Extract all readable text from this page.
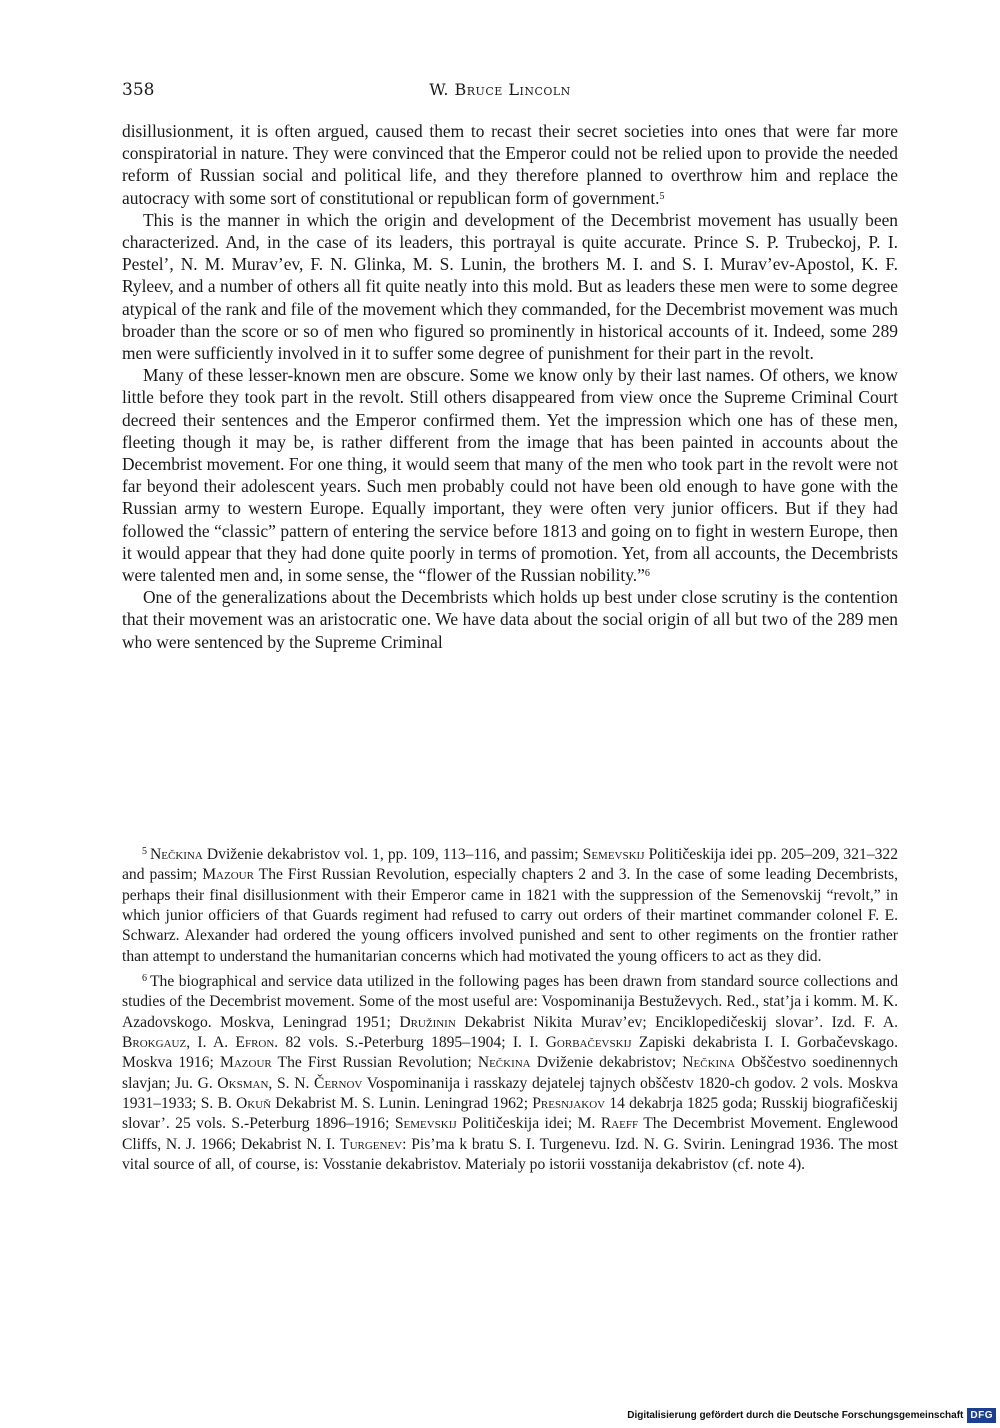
358	W. Bruce Lincoln

disillusionment, it is often argued, caused them to recast their secret societies into ones that were far more conspiratorial in nature. They were convinced that the Emperor could not be relied upon to provide the needed reform of Russian social and political life, and they therefore planned to overthrow him and replace the autocracy with some sort of constitutional or republican form of government.$^5$

This is the manner in which the origin and development of the Decembrist movement has usually been characterized. And, in the case of its leaders, this portrayal is quite accurate. Prince S. P. Trubeckoj, P. I. Pestel’, N. M. Murav’ev, F. N. Glinka, M. S. Lunin, the brothers M. I. and S. I. Murav’ev-Apostol, K. F. Ryleev, and a number of others all fit quite neatly into this mold. But as leaders these men were to some degree atypical of the rank and file of the movement which they commanded, for the Decembrist movement was much broader than the score or so of men who figured so prominently in historical accounts of it. Indeed, some 289 men were sufficiently involved in it to suffer some degree of punishment for their part in the revolt.

Many of these lesser-known men are obscure. Some we know only by their last names. Of others, we know little before they took part in the revolt. Still others disappeared from view once the Supreme Criminal Court decreed their sentences and the Emperor confirmed them. Yet the impression which one has of these men, fleeting though it may be, is rather different from the image that has been painted in accounts about the Decembrist movement. For one thing, it would seem that many of the men who took part in the revolt were not far beyond their adolescent years. Such men probably could not have been old enough to have gone with the Russian army to western Europe. Equally important, they were often very junior officers. But if they had followed the “classic” pattern of entering the service before 1813 and going on to fight in western Europe, then it would appear that they had done quite poorly in terms of promotion. Yet, from all accounts, the Decembrists were talented men and, in some sense, the “flower of the Russian nobility.”$^6$

One of the generalizations about the Decembrists which holds up best under close scrutiny is the contention that their movement was an aristocratic one. We have data about the social origin of all but two of the 289 men who were sentenced by the Supreme Criminal

$^5$ Nečkina Dviženie dekabristov vol. 1, pp. 109, 113–116, and passim; Semevskij Političeskija idei pp. 205–209, 321–322 and passim; Mazour The First Russian Revolution, especially chapters 2 and 3. In the case of some leading Decembrists, perhaps their final disillusionment with their Emperor came in 1821 with the suppression of the Semenovskij “revolt,” in which junior officiers of that Guards regiment had refused to carry out orders of their martinet commander colonel F. E. Schwarz. Alexander had ordered the young officers involved punished and sent to other regiments on the frontier rather than attempt to understand the humanitarian concerns which had motivated the young officers to act as they did.

$^6$ The biographical and service data utilized in the following pages has been drawn from standard source collections and studies of the Decembrist movement. Some of the most useful are: Vospominanija Bestuževych. Red., stat’ja i komm. M. K. Azadovskogo. Moskva, Leningrad 1951; Družinin Dekabrist Nikita Murav’ev; Enciklopedičeskij slovar’. Izd. F. A. Brokgauz, I. A. Efron. 82 vols. S.-Peterburg 1895–1904; I. I. Gorbačevskij Zapiski dekabrista I. I. Gorbačevskago. Moskva 1916; Mazour The First Russian Revolution; Nečkina Dviženie dekabristov; Nečkina Obščestvo soedinennych slavjan; Ju. G. Oksman, S. N. Černov Vospominanija i rasskazy dejatelej tajnych obščestv 1820-ch godov. 2 vols. Moskva 1931–1933; S. B. Okuň Dekabrist M. S. Lunin. Leningrad 1962; Presnjakov 14 dekabrja 1825 goda; Russkij biografičeskij slovar’. 25 vols. S.-Peterburg 1896–1916; Semevskij Političeskija idei; M. Raeff The Decembrist Movement. Englewood Cliffs, N. J. 1966; Dekabrist N. I. Turgenev: Pis’ma k bratu S. I. Turgenevu. Izd. N. G. Svirin. Leningrad 1936. The most vital source of all, of course, is: Vosstanie dekabristov. Materialy po istorii vosstanija dekabristov (cf. note 4).

Digitalisierung gefördert durch die Deutsche Forschungsgemeinschaft DFG
